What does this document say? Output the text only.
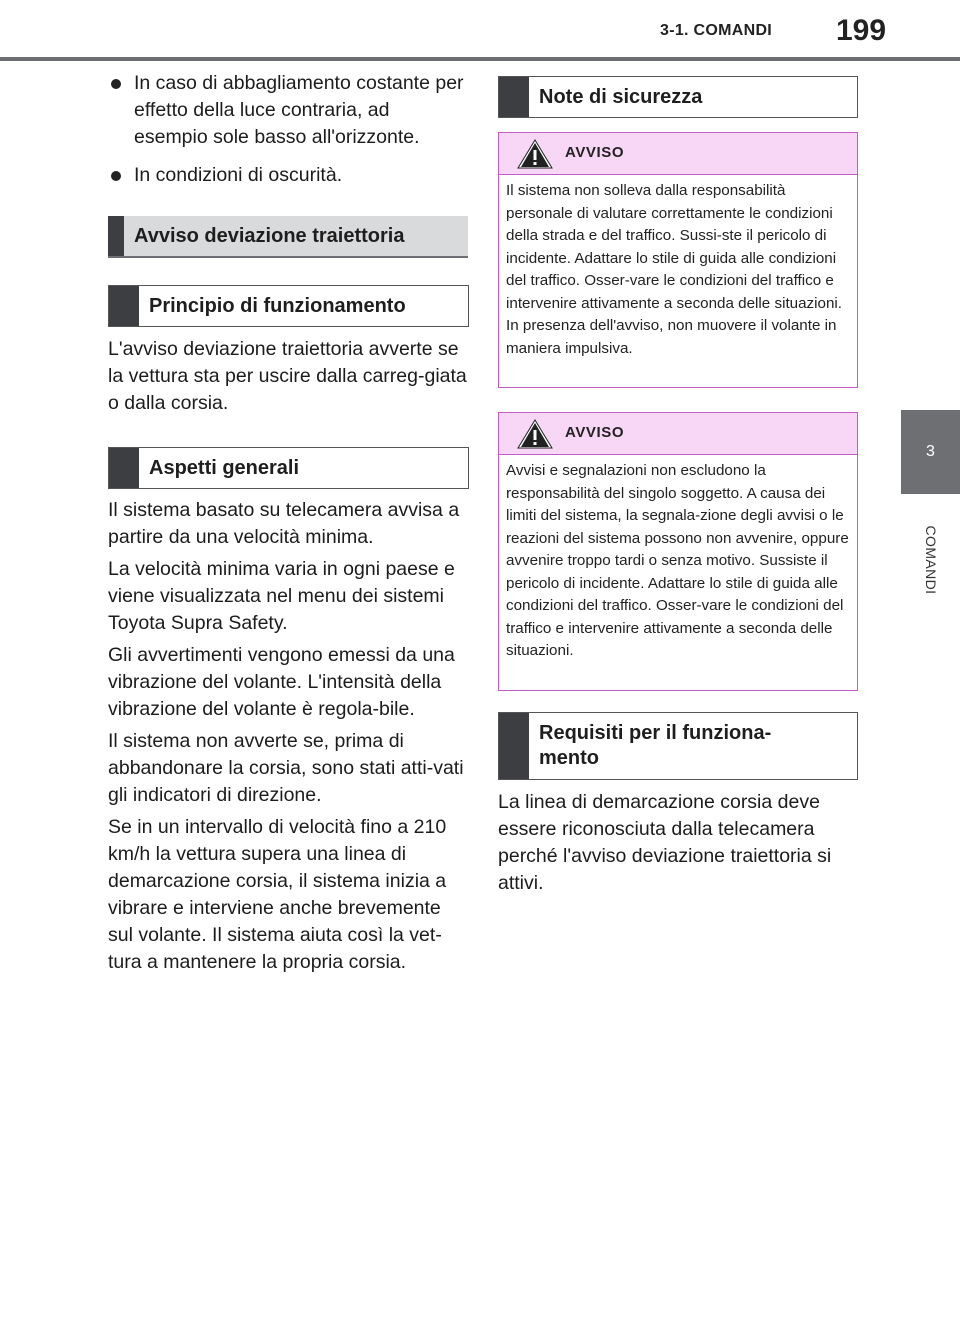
3-1. COMANDI 199
3
COMANDI

In caso di abbagliamento costante per effetto della luce contraria, ad esempio sole basso all'orizzonte.

In condizioni di oscurità.

Avviso deviazione traiettoria
Principio di funzionamento

L'avviso deviazione traiettoria avverte se la vettura sta per uscire dalla carreg-giata o dalla corsia.

Aspetti generali

Il sistema basato su telecamera avvisa a partire da una velocità minima.

La velocità minima varia in ogni paese e viene visualizzata nel menu dei sistemi Toyota Supra Safety.

Gli avvertimenti vengono emessi da una vibrazione del volante. L'intensità della vibrazione del volante è regola-bile.

Il sistema non avverte se, prima di abbandonare la corsia, sono stati atti-vati gli indicatori di direzione.

Se in un intervallo di velocità fino a 210 km/h la vettura supera una linea di demarcazione corsia, il sistema inizia a vibrare e interviene anche brevemente sul volante. Il sistema aiuta così la vet-tura a mantenere la propria corsia.

Note di sicurezza
AVVISO
Il sistema non solleva dalla responsabilità personale di valutare correttamente le condizioni della strada e del traffico. Sussi-ste il pericolo di incidente. Adattare lo stile di guida alle condizioni del traffico. Osser-vare le condizioni del traffico e intervenire attivamente a seconda delle situazioni. In presenza dell'avviso, non muovere il volante in maniera impulsiva.
AVVISO
Avvisi e segnalazioni non escludono la responsabilità del singolo soggetto. A causa dei limiti del sistema, la segnala-zione degli avvisi o le reazioni del sistema possono non avvenire, oppure avvenire troppo tardi o senza motivo. Sussiste il pericolo di incidente. Adattare lo stile di guida alle condizioni del traffico. Osser-vare le condizioni del traffico e intervenire attivamente a seconda delle situazioni.
Requisiti per il funziona-mento

La linea di demarcazione corsia deve essere riconosciuta dalla telecamera perché l'avviso deviazione traiettoria si attivi.
